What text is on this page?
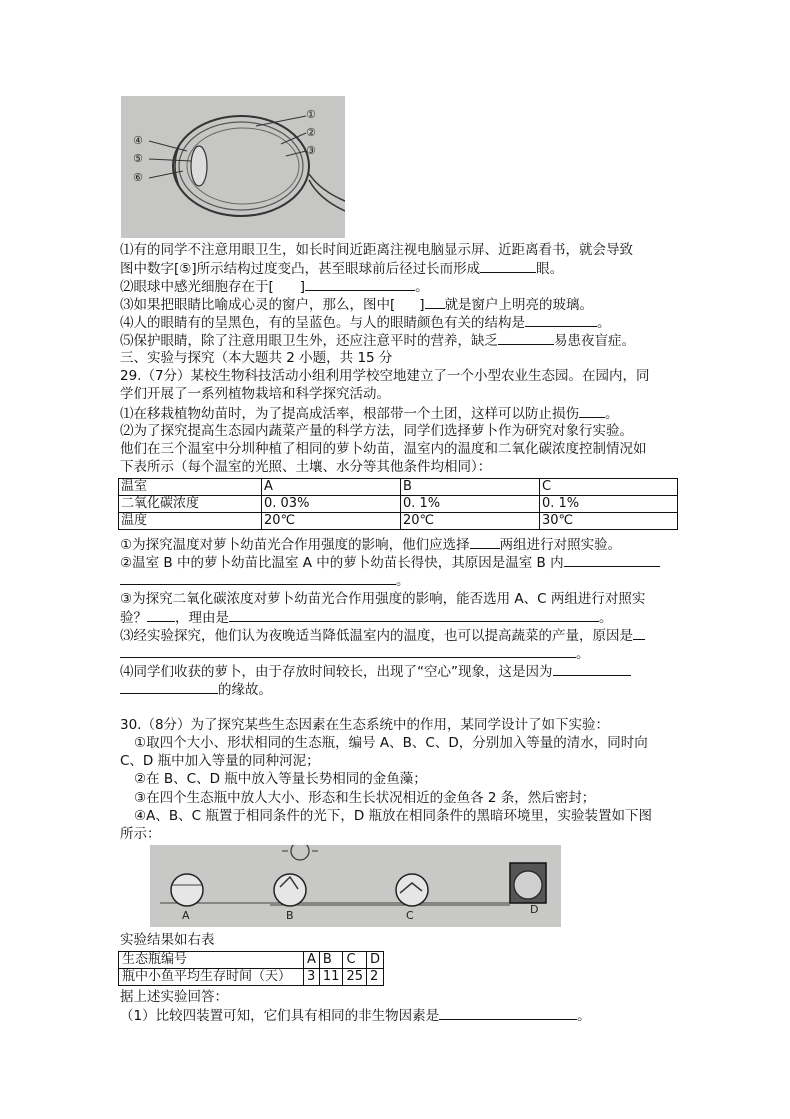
①
②
③
④
⑤
⑥
⑴有的同学不注意用眼卫生，如长时间近距离注视电脑显示屏、近距离看书，就会导致
图中数字[⑤]所示结构过度变凸，甚至眼球前后径过长而形成	眼。
⑵眼球中感光细胞存在于[ ]	。
⑶如果把眼睛比喻成心灵的窗户，那么，图中[ ] 就是窗户上明亮的玻璃。
⑷人的眼睛有的呈黑色，有的呈蓝色。与人的眼睛颜色有关的结构是	。
⑸保护眼睛，除了注意用眼卫生外，还应注意平时的营养，缺乏	易患夜盲症。
三、实验与探究（本大题共 2 小题，共 15 分
29.（7分）某校生物科技活动小组利用学校空地建立了一个小型农业生态园。在园内，同
学们开展了一系列植物栽培和科学探究活动。
⑴在移栽植物幼苗时，为了提高成活率，根部带一个土团，这样可以防止损伤 。
⑵为了探究提高生态园内蔬菜产量的科学方法，同学们选择萝卜作为研究对象行实验。
他们在三个温室中分圳种植了相同的萝卜幼苗，温室内的温度和二氧化碳浓度控制情况如
下表所示（每个温室的光照、土壤、水分等其他条件均相同）：
温室	A	B	C
二氧化碳浓度	0. 03%	0. 1%	0. 1%
温度	20℃	20℃	30℃
①为探究温度对萝卜幼苗光合作用强度的影响，他们应选择 两组进行对照实验。
②温室 B 中的萝卜幼苗比温室 A 中的萝卜幼苗长得快，其原因是温室 B 内
。
③为探究二氧化碳浓度对萝卜幼苗光合作用强度的影响，能否选用 A、C 两组进行对照实
验？ ，理由是	。
⑶经实验探究，他们认为夜晚适当降低温室内的温度，也可以提高蔬菜的产量，原因是
。
⑷同学们收获的萝卜，由于存放时间较长，出现了“空心”现象，这是因为
的缘故。
30.（8分）为了探究某些生态因素在生态系统中的作用，某同学设计了如下实验：
①取四个大小、形状相同的生态瓶，编号 A、B、C、D，分别加入等量的清水，同时向
C、D 瓶中加入等量的同种河泥；
②在 B、C、D 瓶中放入等量长势相同的金鱼藻；
③在四个生态瓶中放人大小、形态和生长状况相近的金鱼各 2 条，然后密封；
④A、B、C 瓶置于相同条件的光下，D 瓶放在相同条件的黑暗环境里，实验装置如下图
所示：
A	B	C	D
实验结果如右表
生态瓶编号	A	B	C	D
瓶中小鱼平均生存时间（天）	3	11	25	2
据上述实验回答：
（1）比较四装置可知，它们具有相同的非生物因素是	。
